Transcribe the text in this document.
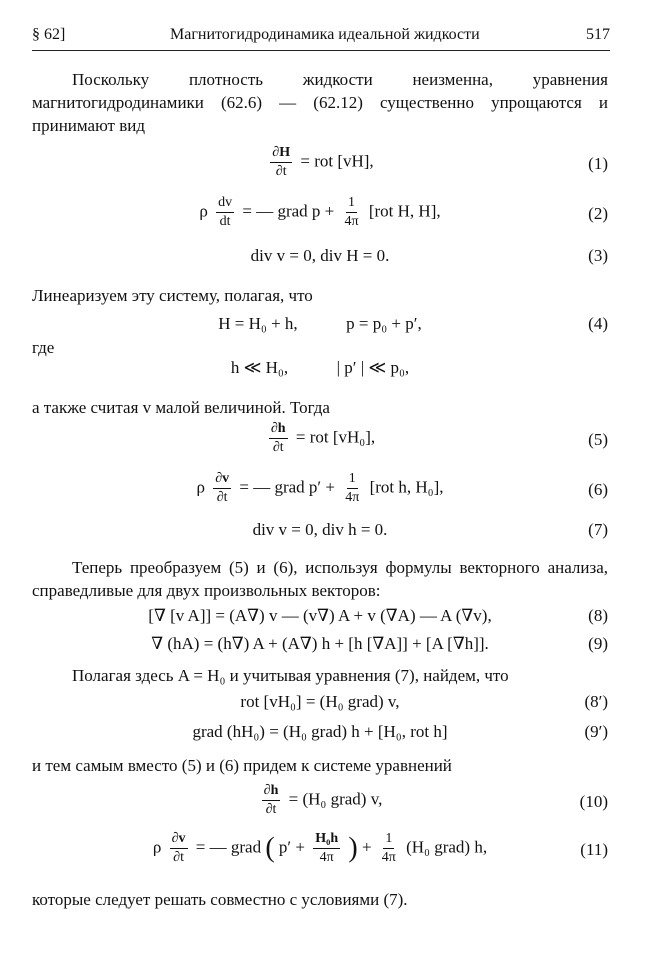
§ 62]	Магнитогидродинамика идеальной жидкости	517
Поскольку плотность жидкости неизменна, уравнения магнитогидродинамики (62.6) — (62.12) существенно упрощаются и принимают вид
$\frac{\partial H}{\partial t}$ = rot [vH],	(1)
ρ $\frac{dv}{dt}$ = — grad $p + \frac{1}{4\pi} [rot$ H, H],	(2)
div v = 0, div H = 0.	(3)
Линеаризуем эту систему, полагая, что
H = H₀ + h,	p = p₀ + p′,	(4)
где
h ≪ H₀,	| p′ | ≪ p₀,
а также считая v малой величиной. Тогда
$\frac{\partial h}{\partial t}$ = rot [vH₀],	(5)
ρ $\frac{\partial v}{\partial t}$ = — grad $p' + \frac{1}{4\pi} [rot$ h, H₀],	(6)
div v = 0, div h = 0.	(7)
Теперь преобразуем (5) и (6), используя формулы векторного анализа, справедливые для двух произвольных векторов:
[∇ [v A]] = (A∇) v — (v∇) A + v (∇A) — A (∇v),	(8)
∇ (hA) = (h∇) A + (A∇) h + [h [∇A]] + [A [∇h]].	(9)
Полагая здесь A = H₀ и учитывая уравнения (7), найдем, что
rot [vH₀] = (H₀ grad) v,	(8′)
grad (hH₀) = (H₀ grad) h + [H₀, rot h]	(9′)
и тем самым вместо (5) и (6) придем к системе уравнений
$\frac{\partial h}{\partial t} = (H_0$ grad) v,	(10)
ρ $\frac{\partial v}{\partial t}$ = — grad ( $p' + \frac{\text{H₀h}}{4\pi}$ ) + $\frac{1}{4\pi} (H_0$ grad) h,	(11)
которые следует решать совместно с условиями (7).
